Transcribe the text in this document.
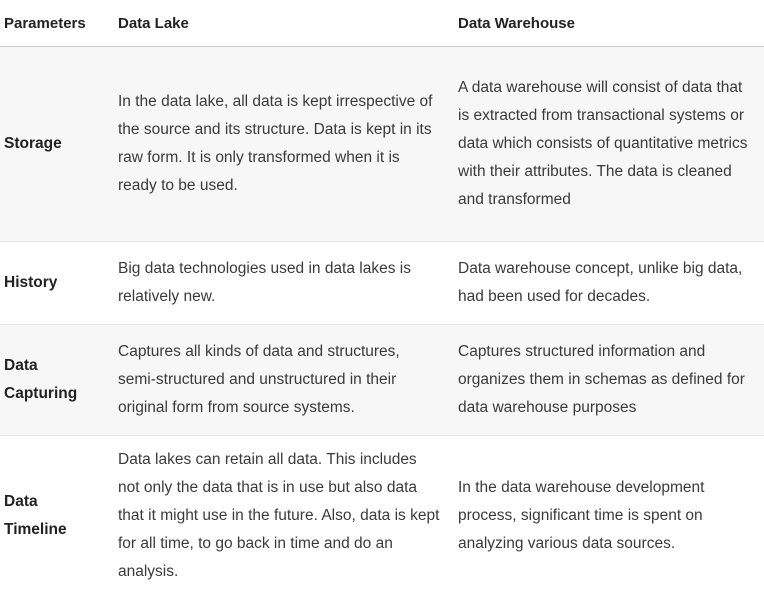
Parameters	Data Lake	Data Warehouse
Storage	In the data lake, all data is kept irrespective of the source and its structure. Data is kept in its raw form. It is only transformed when it is ready to be used.	A data warehouse will consist of data that is extracted from transactional systems or data which consists of quantitative metrics with their attributes. The data is cleaned and transformed
History	Big data technologies used in data lakes is relatively new.	Data warehouse concept, unlike big data, had been used for decades.
Data Capturing	Captures all kinds of data and structures, semi-structured and unstructured in their original form from source systems.	Captures structured information and organizes them in schemas as defined for data warehouse purposes
Data Timeline	Data lakes can retain all data. This includes not only the data that is in use but also data that it might use in the future. Also, data is kept for all time, to go back in time and do an analysis.	In the data warehouse development process, significant time is spent on analyzing various data sources.
